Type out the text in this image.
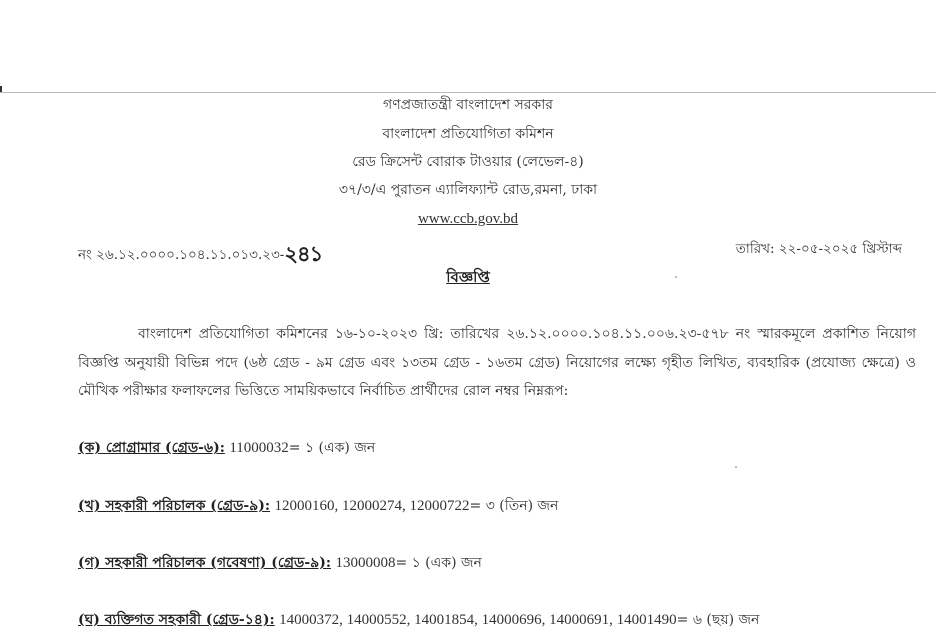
গণপ্রজাতন্ত্রী বাংলাদেশ সরকার
বাংলাদেশ প্রতিযোগিতা কমিশন
রেড ক্রিসেন্ট বোরাক টাওয়ার (লেভেল-৪)
৩৭/৩/এ পুরাতন এ্যালিফ্যান্ট রোড,রমনা, ঢাকা
www.ccb.gov.bd
নং ২৬.১২.০০০০.১০৪.১১.০১৩.২৩-২৪১	তারিখ: ২২-০৫-২০২৫ খ্রিস্টাব্দ
বিজ্ঞপ্তি
বাংলাদেশ প্রতিযোগিতা কমিশনের ১৬-১০-২০২৩ খ্রি: তারিখের ২৬.১২.০০০০.১০৪.১১.০০৬.২৩-৫৭৮ নং স্মারকমূলে প্রকাশিত নিয়োগ বিজ্ঞপ্তি অনুযায়ী বিভিন্ন পদে (৬ষ্ঠ গ্রেড - ৯ম গ্রেড এবং ১৩তম গ্রেড - ১৬তম গ্রেড) নিয়োগের লক্ষ্যে গৃহীত লিখিত, ব্যবহারিক (প্রযোজ্য ক্ষেত্রে) ও মৌখিক পরীক্ষার ফলাফলের ভিত্তিতে সাময়িকভাবে নির্বাচিত প্রার্থীদের রোল নম্বর নিম্নরূপ:
(ক) প্রোগ্রামার (গ্রেড-৬): 11000032= ১ (এক) জন
(খ) সহকারী পরিচালক (গ্রেড-৯): 12000160, 12000274, 12000722= ৩ (তিন) জন
(গ) সহকারী পরিচালক (গবেষণা) (গ্রেড-৯): 13000008= ১ (এক) জন
(ঘ) ব্যক্তিগত সহকারী (গ্রেড-১৪): 14000372, 14000552, 14001854, 14000696, 14000691, 14001490= ৬ (ছয়) জন
